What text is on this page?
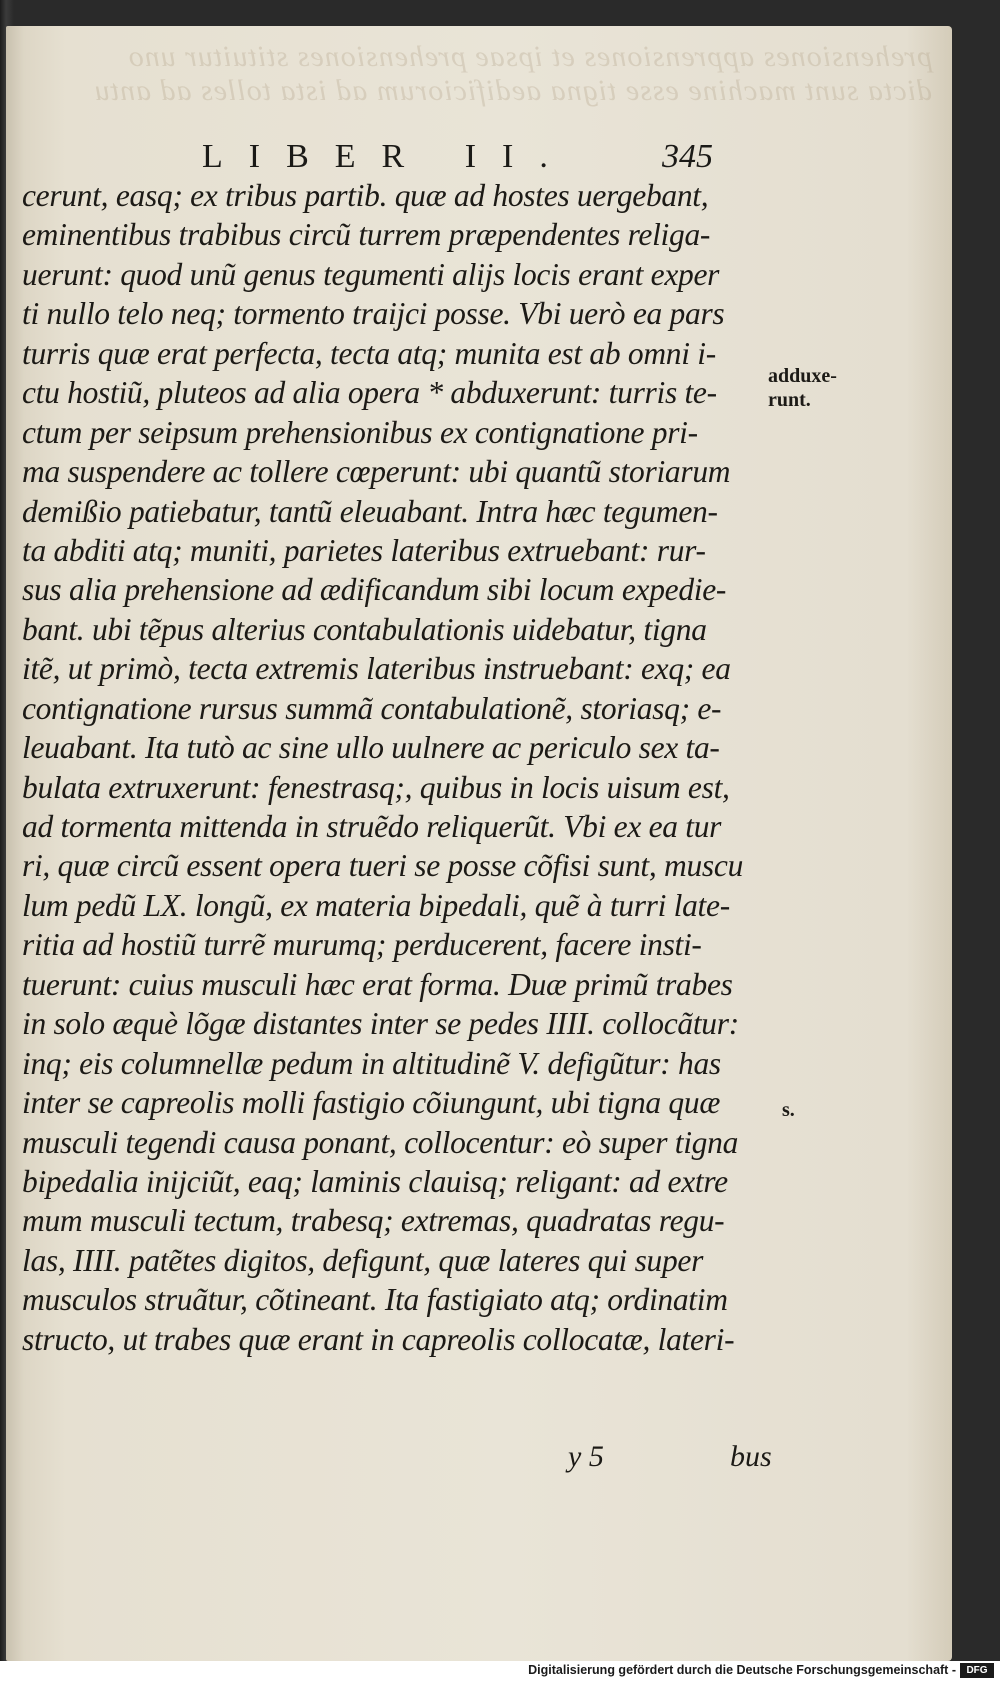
prehensiones apprensiones et ipsae prehensiones stituitur uno
dicta sunt machine esse tigna aedificiorum ad ista tolles ad antu
LIBER II.	345
cerunt, easq; ex tribus partib. quæ ad hostes uergebant,
eminentibus trabibus circũ turrem præpendentes religa-
uerunt: quod unũ genus tegumenti alijs locis erant exper
ti nullo telo neq; tormento traijci posse. Vbi uerò ea pars
turris quæ erat perfecta, tecta atq; munita est ab omni i-
ctu hostiũ, pluteos ad alia opera * abduxerunt: turris te-
ctum per seipsum prehensionibus ex contignatione pri-
ma suspendere ac tollere cœperunt: ubi quantũ storiarum
demißio patiebatur, tantũ eleuabant. Intra hæc tegumen-
ta abditi atq; muniti, parietes lateribus extruebant: rur-
sus alia prehensione ad ædificandum sibi locum expedie-
bant. ubi tẽpus alterius contabulationis uidebatur, tigna
itẽ, ut primò, tecta extremis lateribus instruebant: exq; ea
contignatione rursus summã contabulationẽ, storiasq; e-
leuabant. Ita tutò ac sine ullo uulnere ac periculo sex ta-
bulata extruxerunt: fenestrasq;, quibus in locis uisum est,
ad tormenta mittenda in struẽdo reliquerũt. Vbi ex ea tur
ri, quæ circũ essent opera tueri se posse cõfisi sunt, muscu
lum pedũ LX. longũ, ex materia bipedali, quẽ à turri late-
ritia ad hostiũ turrẽ murumq; perducerent, facere insti-
tuerunt: cuius musculi hæc erat forma. Duæ primũ trabes
in solo æquè lõgæ distantes inter se pedes IIII. collocãtur:
inq; eis columnellæ pedum in altitudinẽ V. defigũtur: has
inter se capreolis molli fastigio cõiungunt, ubi tigna quæ
musculi tegendi causa ponant, collocentur: eò super tigna
bipedalia inijciũt, eaq; laminis clauisq; religant: ad extre
mum musculi tectum, trabesq; extremas, quadratas regu-
las, IIII. patẽtes digitos, defigunt, quæ lateres qui super
musculos struãtur, cõtineant. Ita fastigiato atq; ordinatim
structo, ut trabes quæ erant in capreolis collocatæ, lateri-
adduxe-
runt.
s.
y 5	bus
Digitalisierung gefördert durch die Deutsche Forschungsgemeinschaft -	DFG
